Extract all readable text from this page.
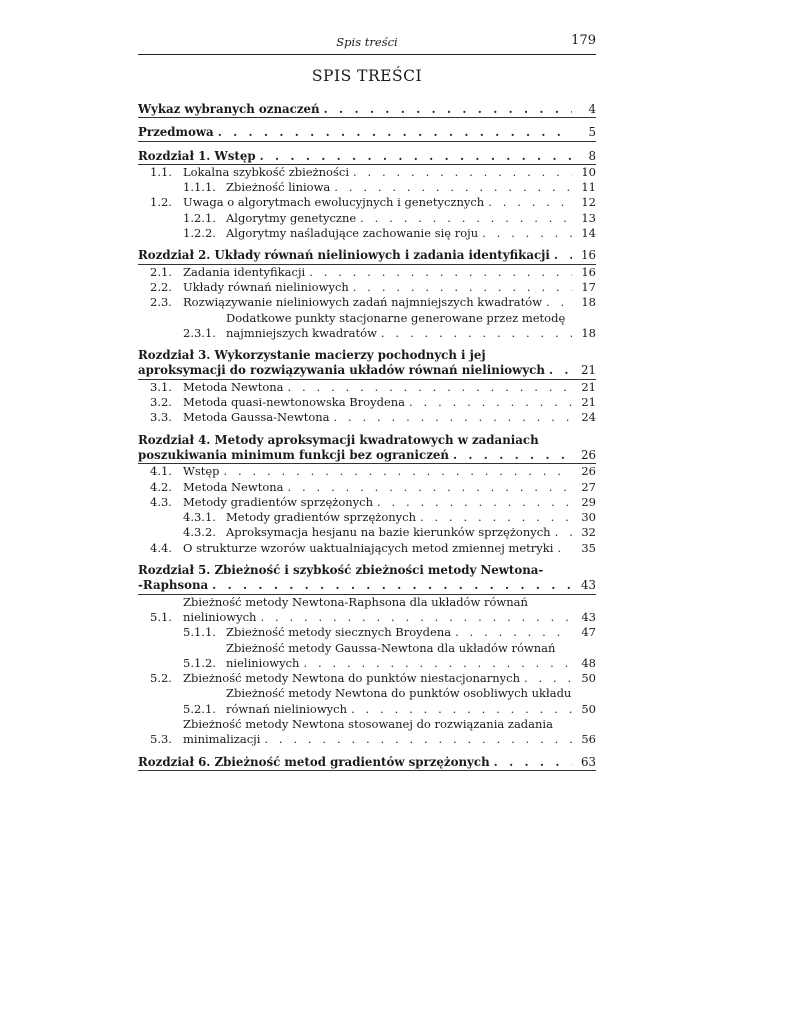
Spis treści	179
SPIS TREŚCI
Wykaz wybranych oznaczeń . . .	4
Przedmowa . . .	5
Rozdział 1. Wstęp . . .	8
1.1. Lokalna szybkość zbieżności . . .	10
1.1.1. Zbieżność liniowa . . .	11
1.2. Uwaga o algorytmach ewolucyjnych i genetycznych . . .	12
1.2.1. Algorytmy genetyczne . . .	13
1.2.2. Algorytmy naśladujące zachowanie się roju . . .	14
Rozdział 2. Układy równań nieliniowych i zadania identyfikacji . . .	16
2.1. Zadania identyfikacji . . .	16
2.2. Układy równań nieliniowych . . .	17
2.3. Rozwiązywanie nieliniowych zadań najmniejszych kwadratów . . .	18
2.3.1.
Dodatkowe punkty stacjonarne generowane przez metodę
najmniejszych kwadratów . . .	18
Rozdział 3. Wykorzystanie macierzy pochodnych i jej
aproksymacji do rozwiązywania układów równań nieliniowych . . .	21
3.1. Metoda Newtona . . .	21
3.2. Metoda quasi-newtonowska Broydena . . .	21
3.3. Metoda Gaussa-Newtona . . .	24
Rozdział 4. Metody aproksymacji kwadratowych w zadaniach
poszukiwania minimum funkcji bez ograniczeń . . .	26
4.1. Wstęp . . .	26
4.2. Metoda Newtona . . .	27
4.3. Metody gradientów sprzężonych . . .	29
4.3.1. Metody gradientów sprzężonych . . .	30
4.3.2. Aproksymacja hesjanu na bazie kierunków sprzężonych . . .	32
4.4. O strukturze wzorów uaktualniających metod zmiennej metryki . . . 35
Rozdział 5. Zbieżność i szybkość zbieżności metody Newtona-
-Raphsona . . .	43
5.1.
Zbieżność metody Newtona-Raphsona dla układów równań
nieliniowych . . .	43
5.1.1. Zbieżność metody siecznych Broydena . . .	47
5.1.2.
Zbieżność metody Gaussa-Newtona dla układów równań
nieliniowych . . .	48
5.2. Zbieżność metody Newtona do punktów niestacjonarnych . . .	50
5.2.1.
Zbieżność metody Newtona do punktów osobliwych układu
równań nieliniowych . . .	50
5.3.
Zbieżność metody Newtona stosowanej do rozwiązania zadania
minimalizacji . . .	56
Rozdział 6. Zbieżność metod gradientów sprzężonych . . .	63
